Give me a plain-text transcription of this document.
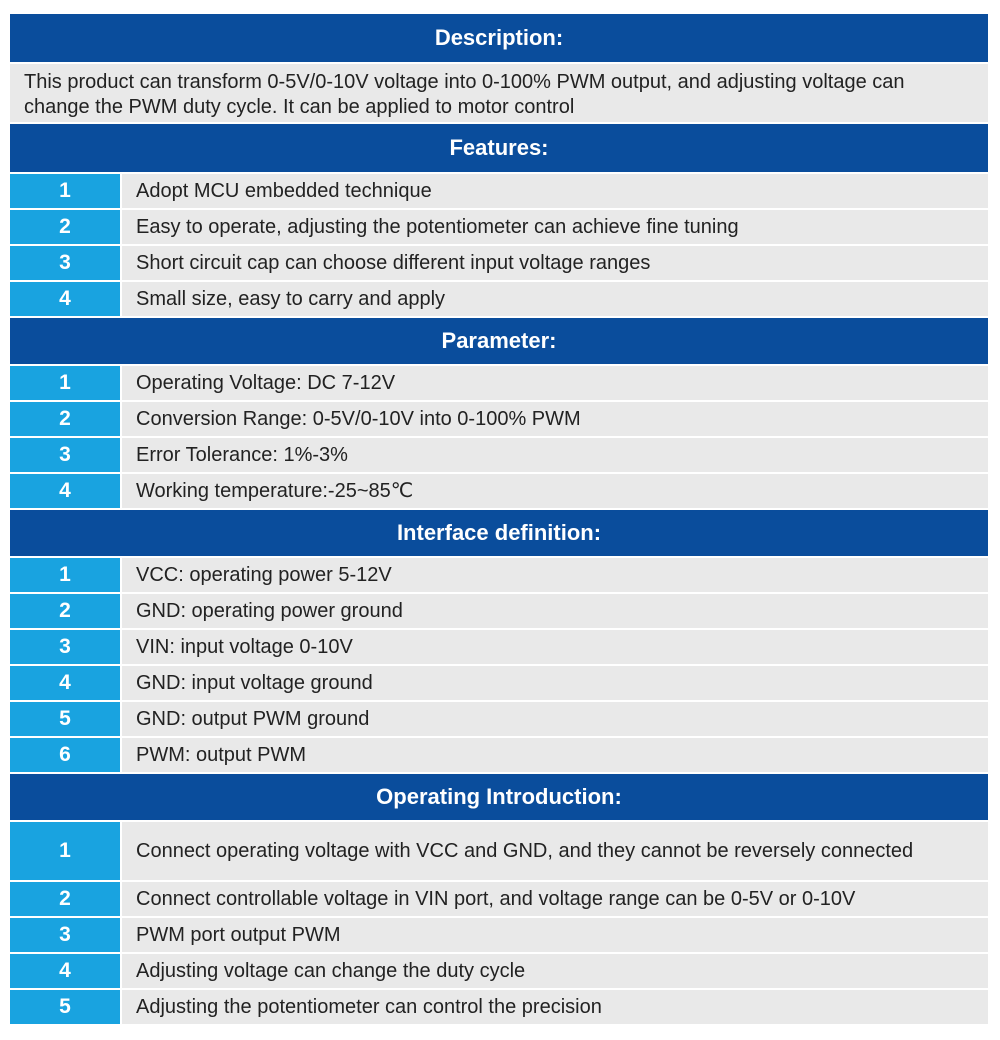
Description:
This product can transform 0-5V/0-10V voltage into 0-100% PWM output, and adjusting voltage can change the PWM duty cycle. It can be applied to motor control
Features:
1	Adopt MCU embedded technique
2	Easy to operate, adjusting the potentiometer can achieve fine tuning
3	Short circuit cap can choose different input voltage ranges
4	Small size, easy to carry and apply
Parameter:
1	Operating Voltage: DC 7-12V
2	Conversion Range: 0-5V/0-10V into 0-100% PWM
3	Error Tolerance: 1%-3%
4	Working temperature:-25~85℃
Interface definition:
1	VCC: operating power 5-12V
2	GND: operating power ground
3	VIN: input voltage 0-10V
4	GND: input voltage ground
5	GND: output PWM ground
6	PWM: output PWM
Operating Introduction:
1	Connect operating voltage with VCC and GND, and they cannot be reversely connected
2	Connect controllable voltage in VIN port, and voltage range can be 0-5V or 0-10V
3	PWM port output PWM
4	Adjusting voltage can change the duty cycle
5	Adjusting the potentiometer can control the precision
